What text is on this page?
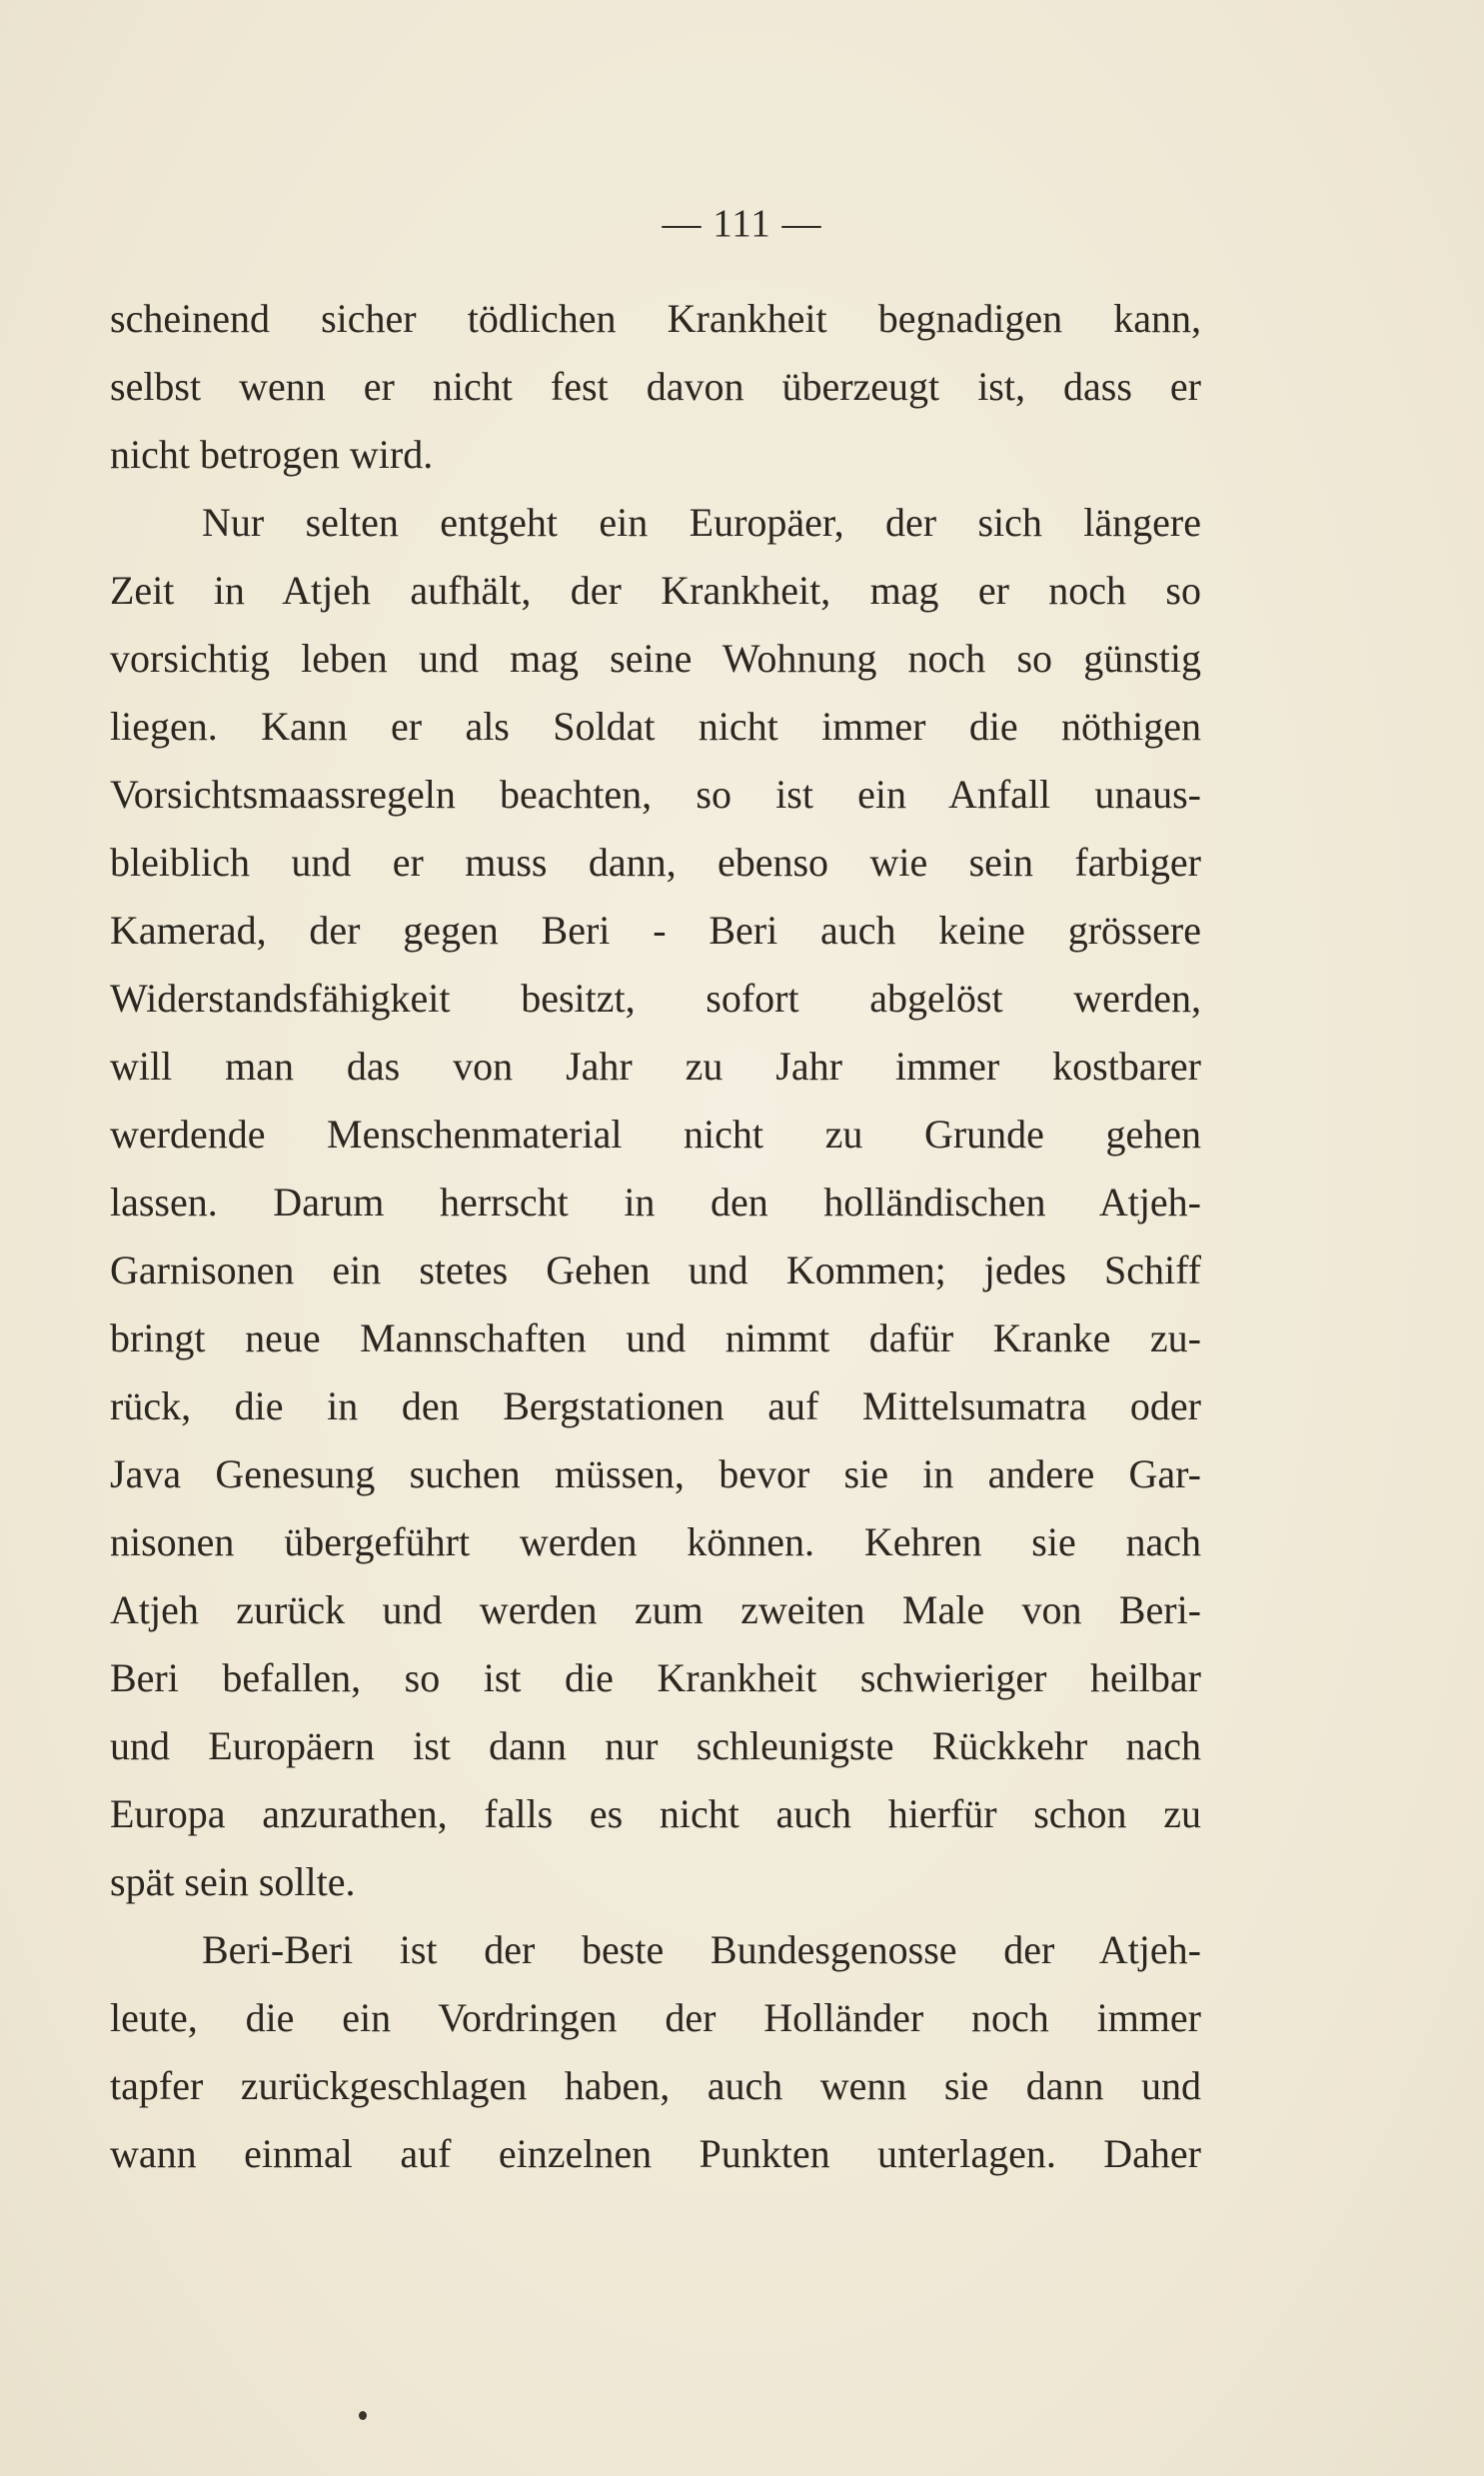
— 111 —
scheinend sicher tödlichen Krankheit begnadigen kann,
selbst wenn er nicht fest davon überzeugt ist, dass er
nicht betrogen wird.
Nur selten entgeht ein Europäer, der sich längere
Zeit in Atjeh aufhält, der Krankheit, mag er noch so
vorsichtig leben und mag seine Wohnung noch so günstig
liegen. Kann er als Soldat nicht immer die nöthigen
Vorsichtsmaassregeln beachten, so ist ein Anfall unaus-
bleiblich und er muss dann, ebenso wie sein farbiger
Kamerad, der gegen Beri - Beri auch keine grössere
Widerstandsfähigkeit besitzt, sofort abgelöst werden,
will man das von Jahr zu Jahr immer kostbarer
werdende Menschenmaterial nicht zu Grunde gehen
lassen. Darum herrscht in den holländischen Atjeh-
Garnisonen ein stetes Gehen und Kommen; jedes Schiff
bringt neue Mannschaften und nimmt dafür Kranke zu-
rück, die in den Bergstationen auf Mittelsumatra oder
Java Genesung suchen müssen, bevor sie in andere Gar-
nisonen übergeführt werden können. Kehren sie nach
Atjeh zurück und werden zum zweiten Male von Beri-
Beri befallen, so ist die Krankheit schwieriger heilbar
und Europäern ist dann nur schleunigste Rückkehr nach
Europa anzurathen, falls es nicht auch hierfür schon zu
spät sein sollte.
Beri-Beri ist der beste Bundesgenosse der Atjeh-
leute, die ein Vordringen der Holländer noch immer
tapfer zurückgeschlagen haben, auch wenn sie dann und
wann einmal auf einzelnen Punkten unterlagen. Daher
